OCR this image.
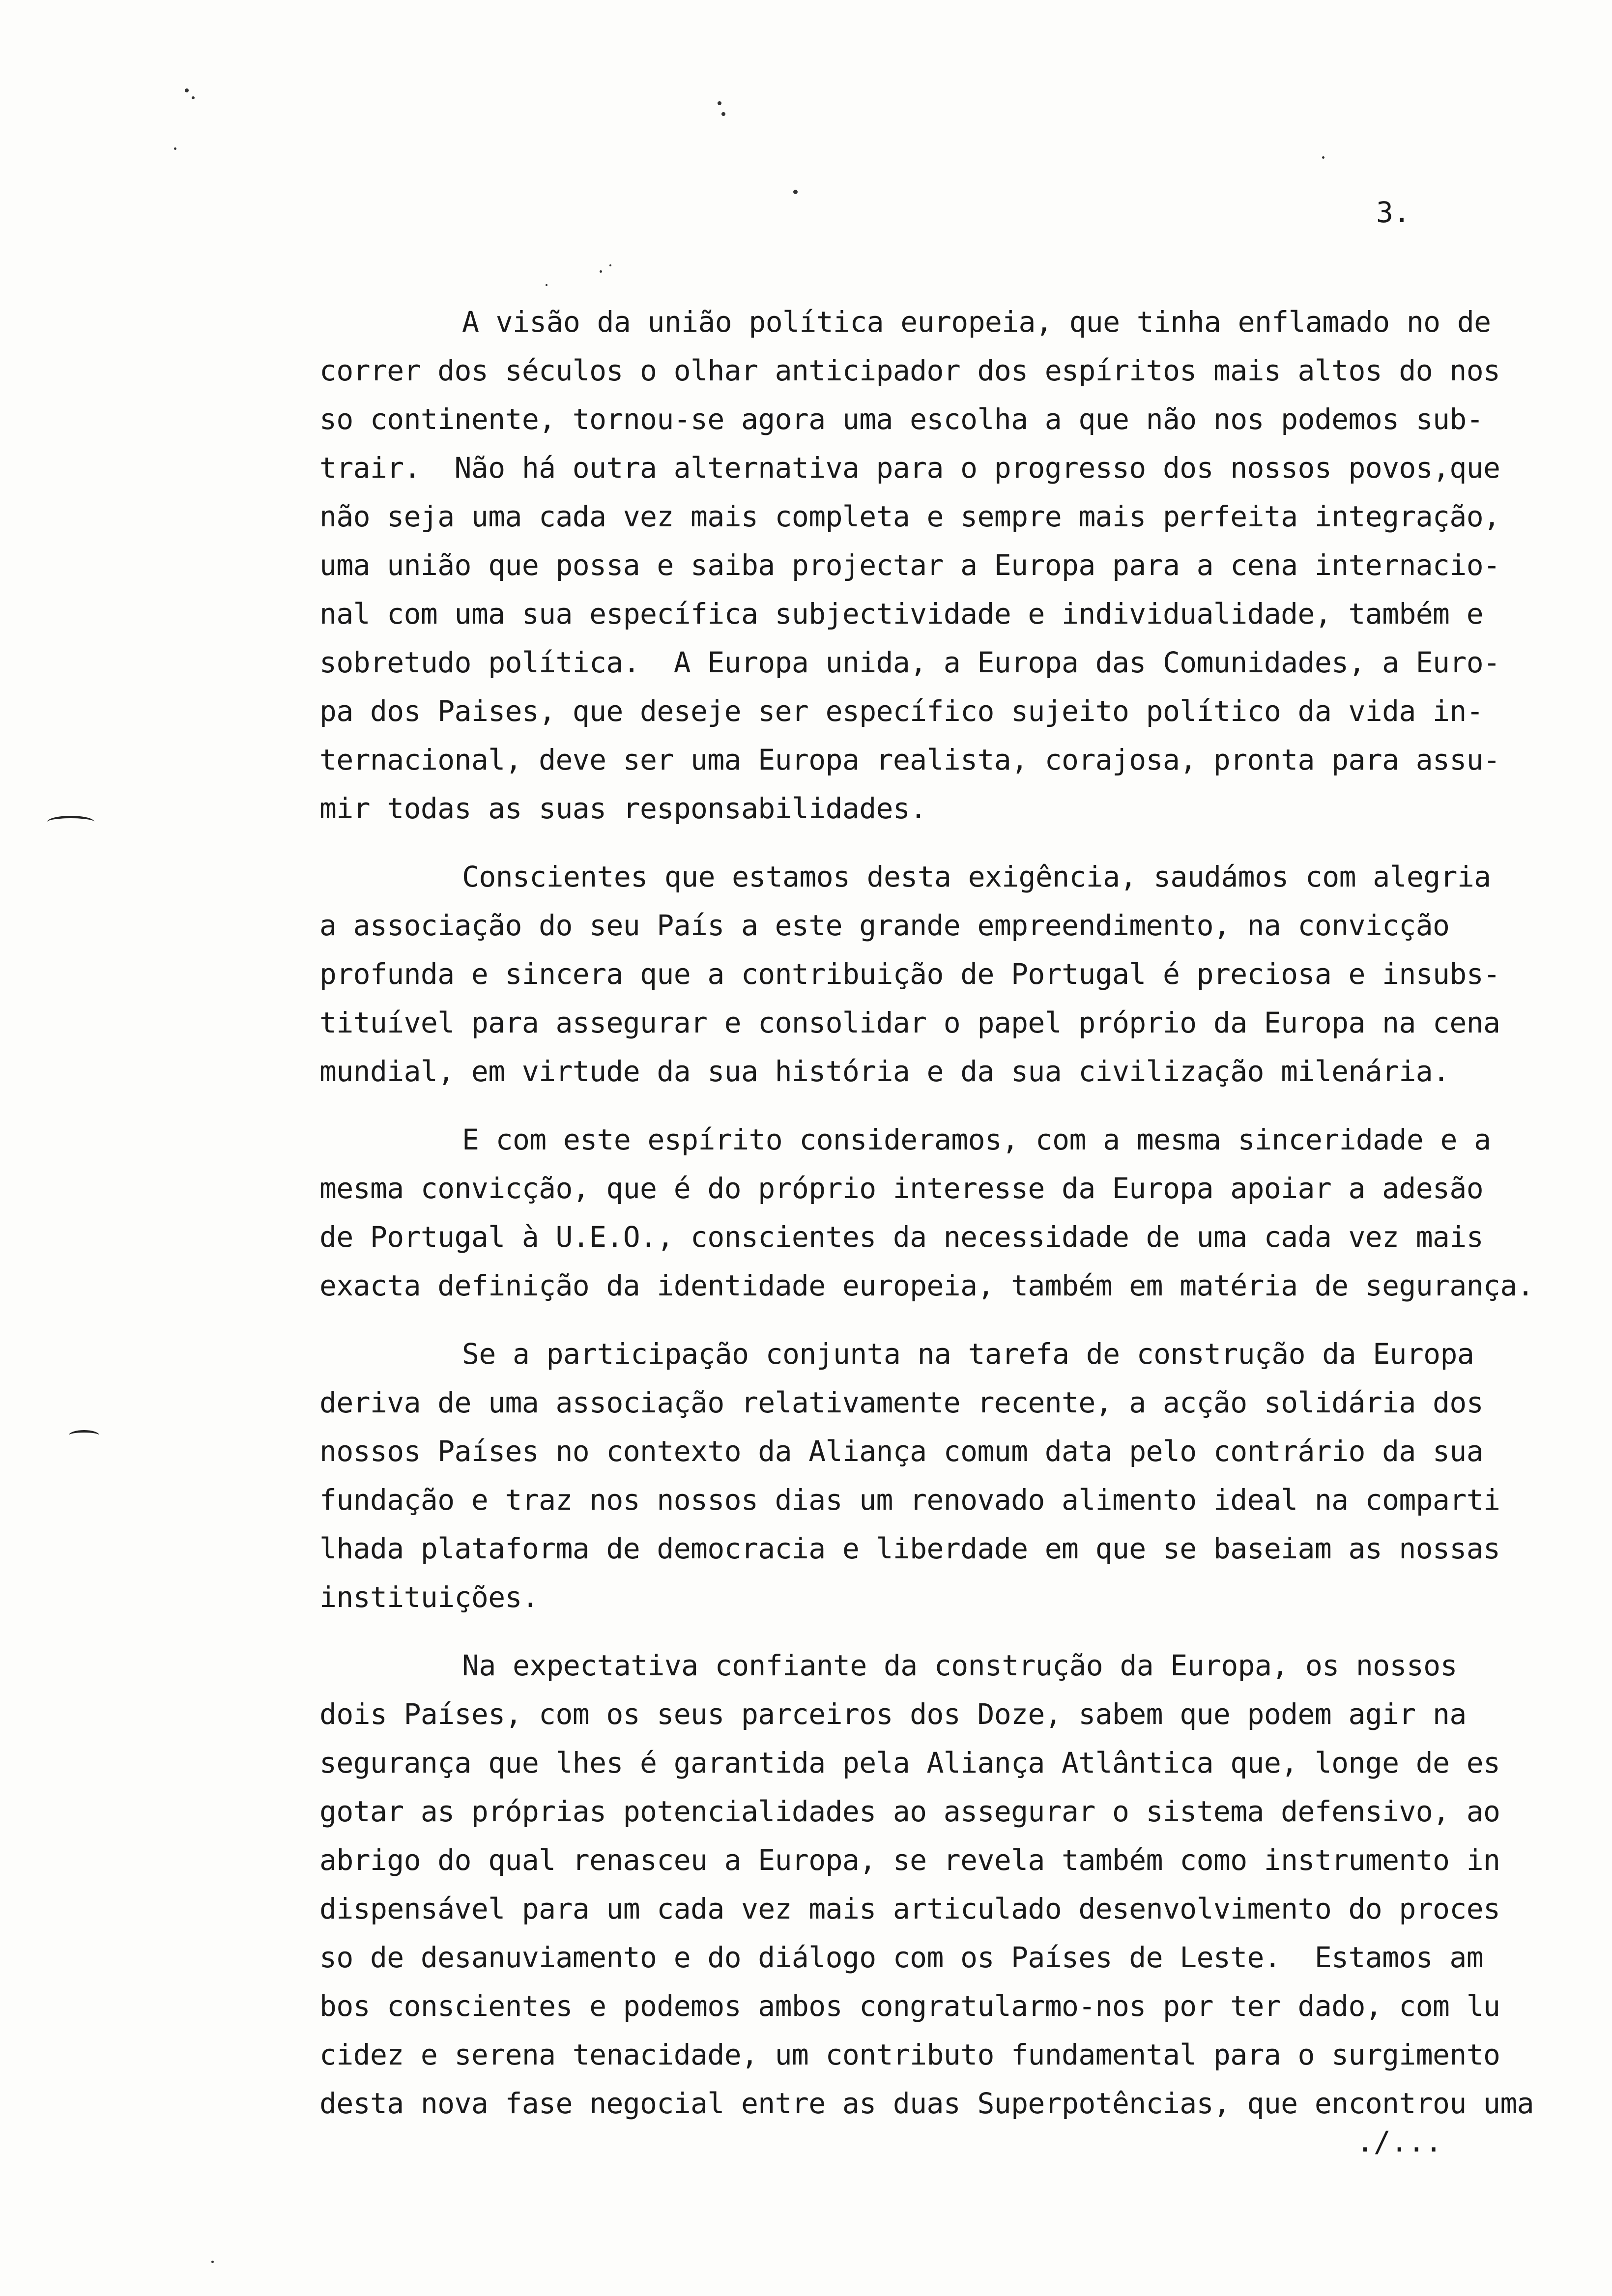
3.
A visão da união política europeia, que tinha enflamado no de
correr dos séculos o olhar anticipador dos espíritos mais altos do nos
so continente, tornou-se agora uma escolha a que não nos podemos sub-
trair.  Não há outra alternativa para o progresso dos nossos povos,que
não seja uma cada vez mais completa e sempre mais perfeita integração,
uma união que possa e saiba projectar a Europa para a cena internacio-
nal com uma sua específica subjectividade e individualidade, também e
sobretudo política.  A Europa unida, a Europa das Comunidades, a Euro-
pa dos Paises, que deseje ser específico sujeito político da vida in-
ternacional, deve ser uma Europa realista, corajosa, pronta para assu-
mir todas as suas responsabilidades.
Conscientes que estamos desta exigência, saudámos com alegria
a associação do seu País a este grande empreendimento, na convicção
profunda e sincera que a contribuição de Portugal é preciosa e insubs-
tituível para assegurar e consolidar o papel próprio da Europa na cena
mundial, em virtude da sua história e da sua civilização milenária.
E com este espírito consideramos, com a mesma sinceridade e a
mesma convicção, que é do próprio interesse da Europa apoiar a adesão
de Portugal à U.E.O., conscientes da necessidade de uma cada vez mais
exacta definição da identidade europeia, também em matéria de segurança.
Se a participação conjunta na tarefa de construção da Europa
deriva de uma associação relativamente recente, a acção solidária dos
nossos Países no contexto da Aliança comum data pelo contrário da sua
fundação e traz nos nossos dias um renovado alimento ideal na comparti
lhada plataforma de democracia e liberdade em que se baseiam as nossas
instituições.
Na expectativa confiante da construção da Europa, os nossos
dois Países, com os seus parceiros dos Doze, sabem que podem agir na
segurança que lhes é garantida pela Aliança Atlântica que, longe de es
gotar as próprias potencialidades ao assegurar o sistema defensivo, ao
abrigo do qual renasceu a Europa, se revela também como instrumento in
dispensável para um cada vez mais articulado desenvolvimento do proces
so de desanuviamento e do diálogo com os Países de Leste.  Estamos am
bos conscientes e podemos ambos congratularmo-nos por ter dado, com lu
cidez e serena tenacidade, um contributo fundamental para o surgimento
desta nova fase negocial entre as duas Superpotências, que encontrou uma
./...
